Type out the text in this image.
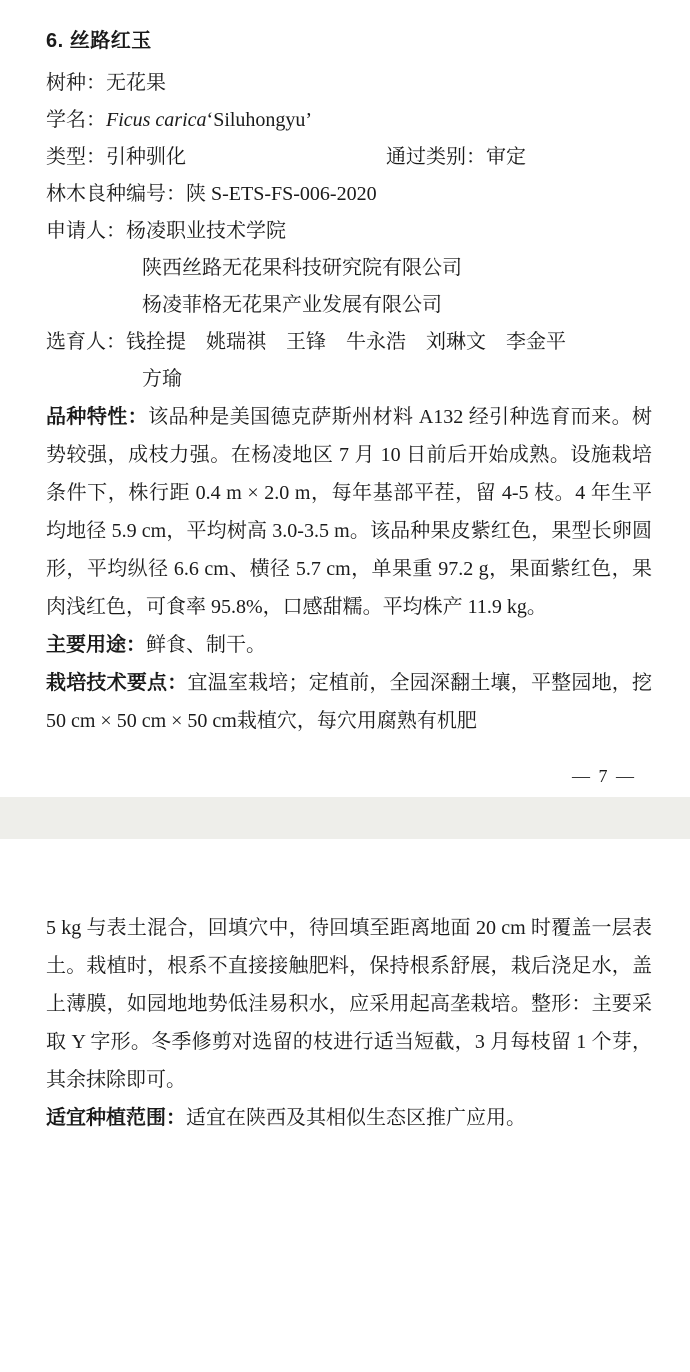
6. 丝路红玉

树种：无花果

学名：Ficus carica‘Siluhongyu’

类型：引种驯化	通过类别：审定

林木良种编号：陕 S-ETS-FS-006-2020

申请人：杨凌职业技术学院

陕西丝路无花果科技研究院有限公司
杨凌菲格无花果产业发展有限公司

选育人：钱拴提　姚瑞祺　王锋　牛永浩　刘琳文　李金平

方瑜

品种特性：该品种是美国德克萨斯州材料 A132 经引种选育而来。树势较强，成枝力强。在杨凌地区 7 月 10 日前后开始成熟。设施栽培条件下，株行距 0.4 m × 2.0 m，每年基部平茬，留 4-5 枝。4 年生平均地径 5.9 cm，平均树高 3.0-3.5 m。该品种果皮紫红色，果型长卵圆形，平均纵径 6.6 cm、横径 5.7 cm，单果重 97.2 g，果面紫红色，果肉浅红色，可食率 95.8%，口感甜糯。平均株产 11.9 kg。

主要用途：鲜食、制干。

栽培技术要点：宜温室栽培；定植前，全园深翻土壤，平整园地，挖 50 cm × 50 cm × 50 cm栽植穴，每穴用腐熟有机肥

— 7 —

5 kg 与表土混合，回填穴中，待回填至距离地面 20 cm 时覆盖一层表土。栽植时，根系不直接接触肥料，保持根系舒展，栽后浇足水，盖上薄膜，如园地地势低洼易积水，应采用起高垄栽培。整形：主要采取 Y 字形。冬季修剪对选留的枝进行适当短截，3 月每枝留 1 个芽，其余抹除即可。

适宜种植范围：适宜在陕西及其相似生态区推广应用。
